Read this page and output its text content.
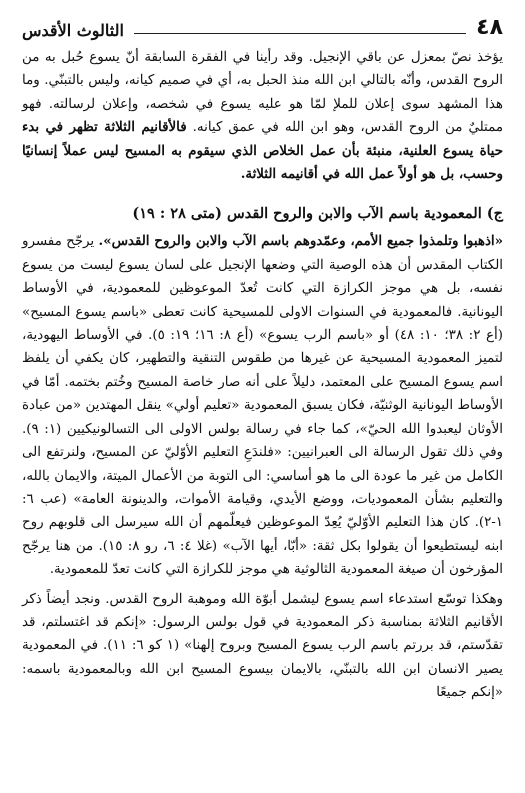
٤٨
الثالوث الأقدس

يؤخذ نصّ بمعزل عن باقي الإنجيل. وقد رأينا في الفقرة السابقة أنّ يسوع حُبل به من الروح القدس، وأنّه بالتالي ابن الله منذ الحبل به، أي في صميم كيانه، وليس بالتبنّي. وما هذا المشهد سوى إعلان للملإ لمّا هو عليه يسوع في شخصه، وإعلان لرسالته. فهو ممتليٌ من الروح القدس، وهو ابن الله في عمق كيانه. فالأقانيم الثلاثة تظهر في بدء حياة يسوع العلنية، منبئة بأن عمل الخلاص الذي سيقوم به المسيح ليس عملاً إنسانيًا وحسب، بل هو أولاً عمل الله في أقانيمه الثلاثة.

ج) المعمودية باسم الآب والابن والروح القدس (متى ٢٨ : ١٩)

«اذهبوا وتلمذوا جميع الأمم، وعمّدوهم باسم الآب والابن والروح القدس». يرجّح مفسرو الكتاب المقدس أن هذه الوصية التي وضعها الإنجيل على لسان يسوع ليست من يسوع نفسه، بل هي موجز الكرازة التي كانت تُعدّ الموعوظين للمعمودية، في الأوساط اليونانية. فالمعمودية في السنوات الاولى للمسيحية كانت تعطى «باسم يسوع المسيح» (أع ٢: ٣٨؛ ١٠: ٤٨) أو «باسم الرب يسوع» (أع ٨: ١٦؛ ١٩: ٥). في الأوساط اليهودية، لتميز المعمودية المسيحية عن غيرها من طقوس التنقية والتطهير، كان يكفي أن يلفظ اسم يسوع المسيح على المعتمد، دليلاً على أنه صار خاصة المسيح وخُتم بختمه. أمّا في الأوساط اليونانية الوثنيّة، فكان يسبق المعمودية «تعليم أولي» ينقل المهتدين «من عبادة الأوثان ليعبدوا الله الحيّ»، كما جاء في رسالة بولس الاولى الى التسالونيكيين (١: ٩). وفي ذلك تقول الرسالة الى العبرانيين: «فلندَعِ التعليم الأوّليّ عن المسيح، ولنرتفع الى الكامل من غير ما عودة الى ما هو أساسي: الى التوبة من الأعمال الميتة، والايمان بالله، والتعليم بشأن المعموديات، ووضع الأيدي، وقيامة الأموات، والدينونة العامة» (عب ٦: ١-٢). كان هذا التعليم الأوّليّ يُعِدّ الموعوظين فيعلّمهم أن الله سيرسل الى قلوبهم روح ابنه ليستطيعوا أن يقولوا بكل ثقة: «أبّا، أيها الآب» (غلا ٤: ٦، رو ٨: ١٥). من هنا يرجّح المؤرخون أن صيغة المعمودية الثالوثية هي موجز للكرازة التي كانت تعدّ للمعمودية.

وهكذا توسّع استدعاء اسم يسوع ليشمل أبوّة الله وموهبة الروح القدس. ونجد أيضاً ذكر الأقانيم الثلاثة بمناسبة ذكر المعمودية في قول بولس الرسول: «إنكم قد اغتسلتم، قد تقدّستم، قد بررتم باسم الرب يسوع المسيح وبروح إلهنا» (١ كو ٦: ١١). في المعمودية يصير الانسان ابن الله بالتبنّي، بالايمان بيسوع المسيح ابن الله وبالمعمودية باسمه: «إنكم جميعًا
